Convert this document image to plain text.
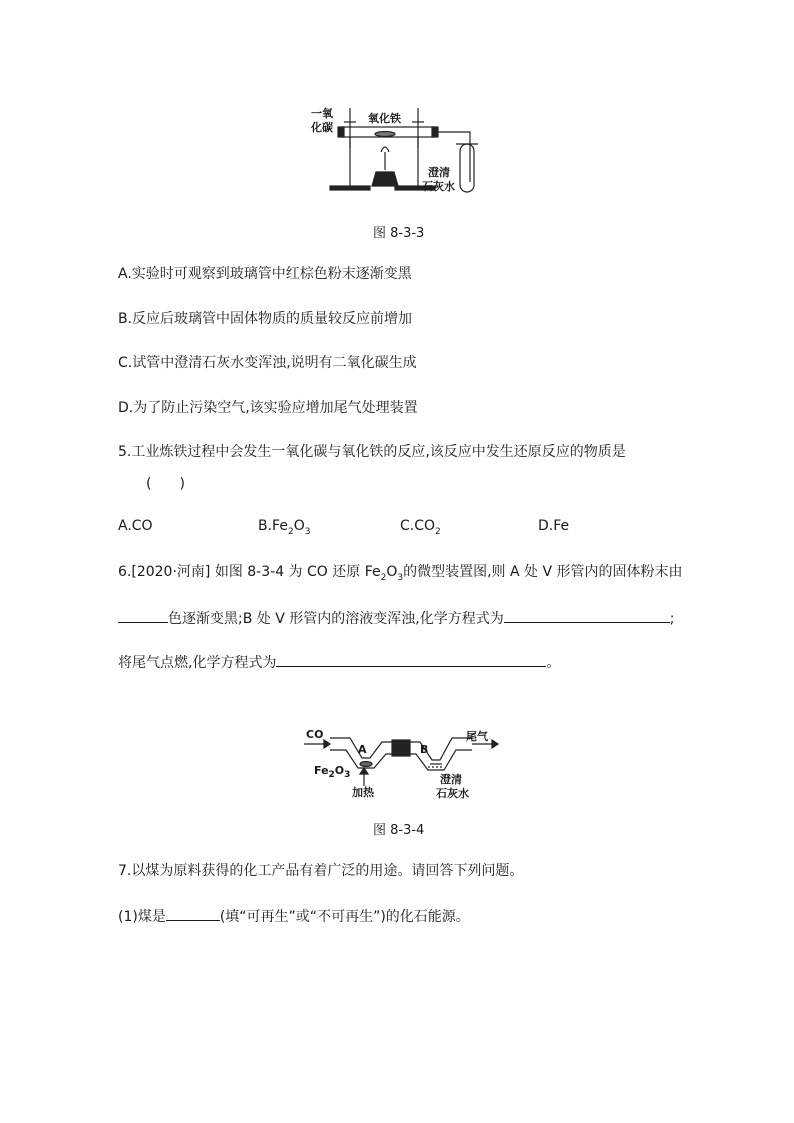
一氧
化碳
氧化铁
澄清
石灰水
图 8-3-3
A.实验时可观察到玻璃管中红棕色粉末逐渐变黑
B.反应后玻璃管中固体物质的质量较反应前增加
C.试管中澄清石灰水变浑浊,说明有二氧化碳生成
D.为了防止污染空气,该实验应增加尾气处理装置
5.工业炼铁过程中会发生一氧化碳与氧化铁的反应,该反应中发生还原反应的物质是
(　　)
A.CO	$B.Fe_2O_3$	$C.CO_2$	D.Fe
6.[2020·河南] 如图 8-3-4 为 CO 还原 $Fe_2O_3$的微型装置图,则 A 处 V 形管内的固体粉末由
色逐渐变黑;B 处 V 形管内的溶液变浑浊,化学方程式为	;
将尾气点燃,化学方程式为	。
CO
A	B
尾气
$Fe_2O_3$
加热
澄清
石灰水
图 8-3-4
7.以煤为原料获得的化工产品有着广泛的用途。请回答下列问题。
(1)煤是	(填“可再生”或“不可再生”)的化石能源。
